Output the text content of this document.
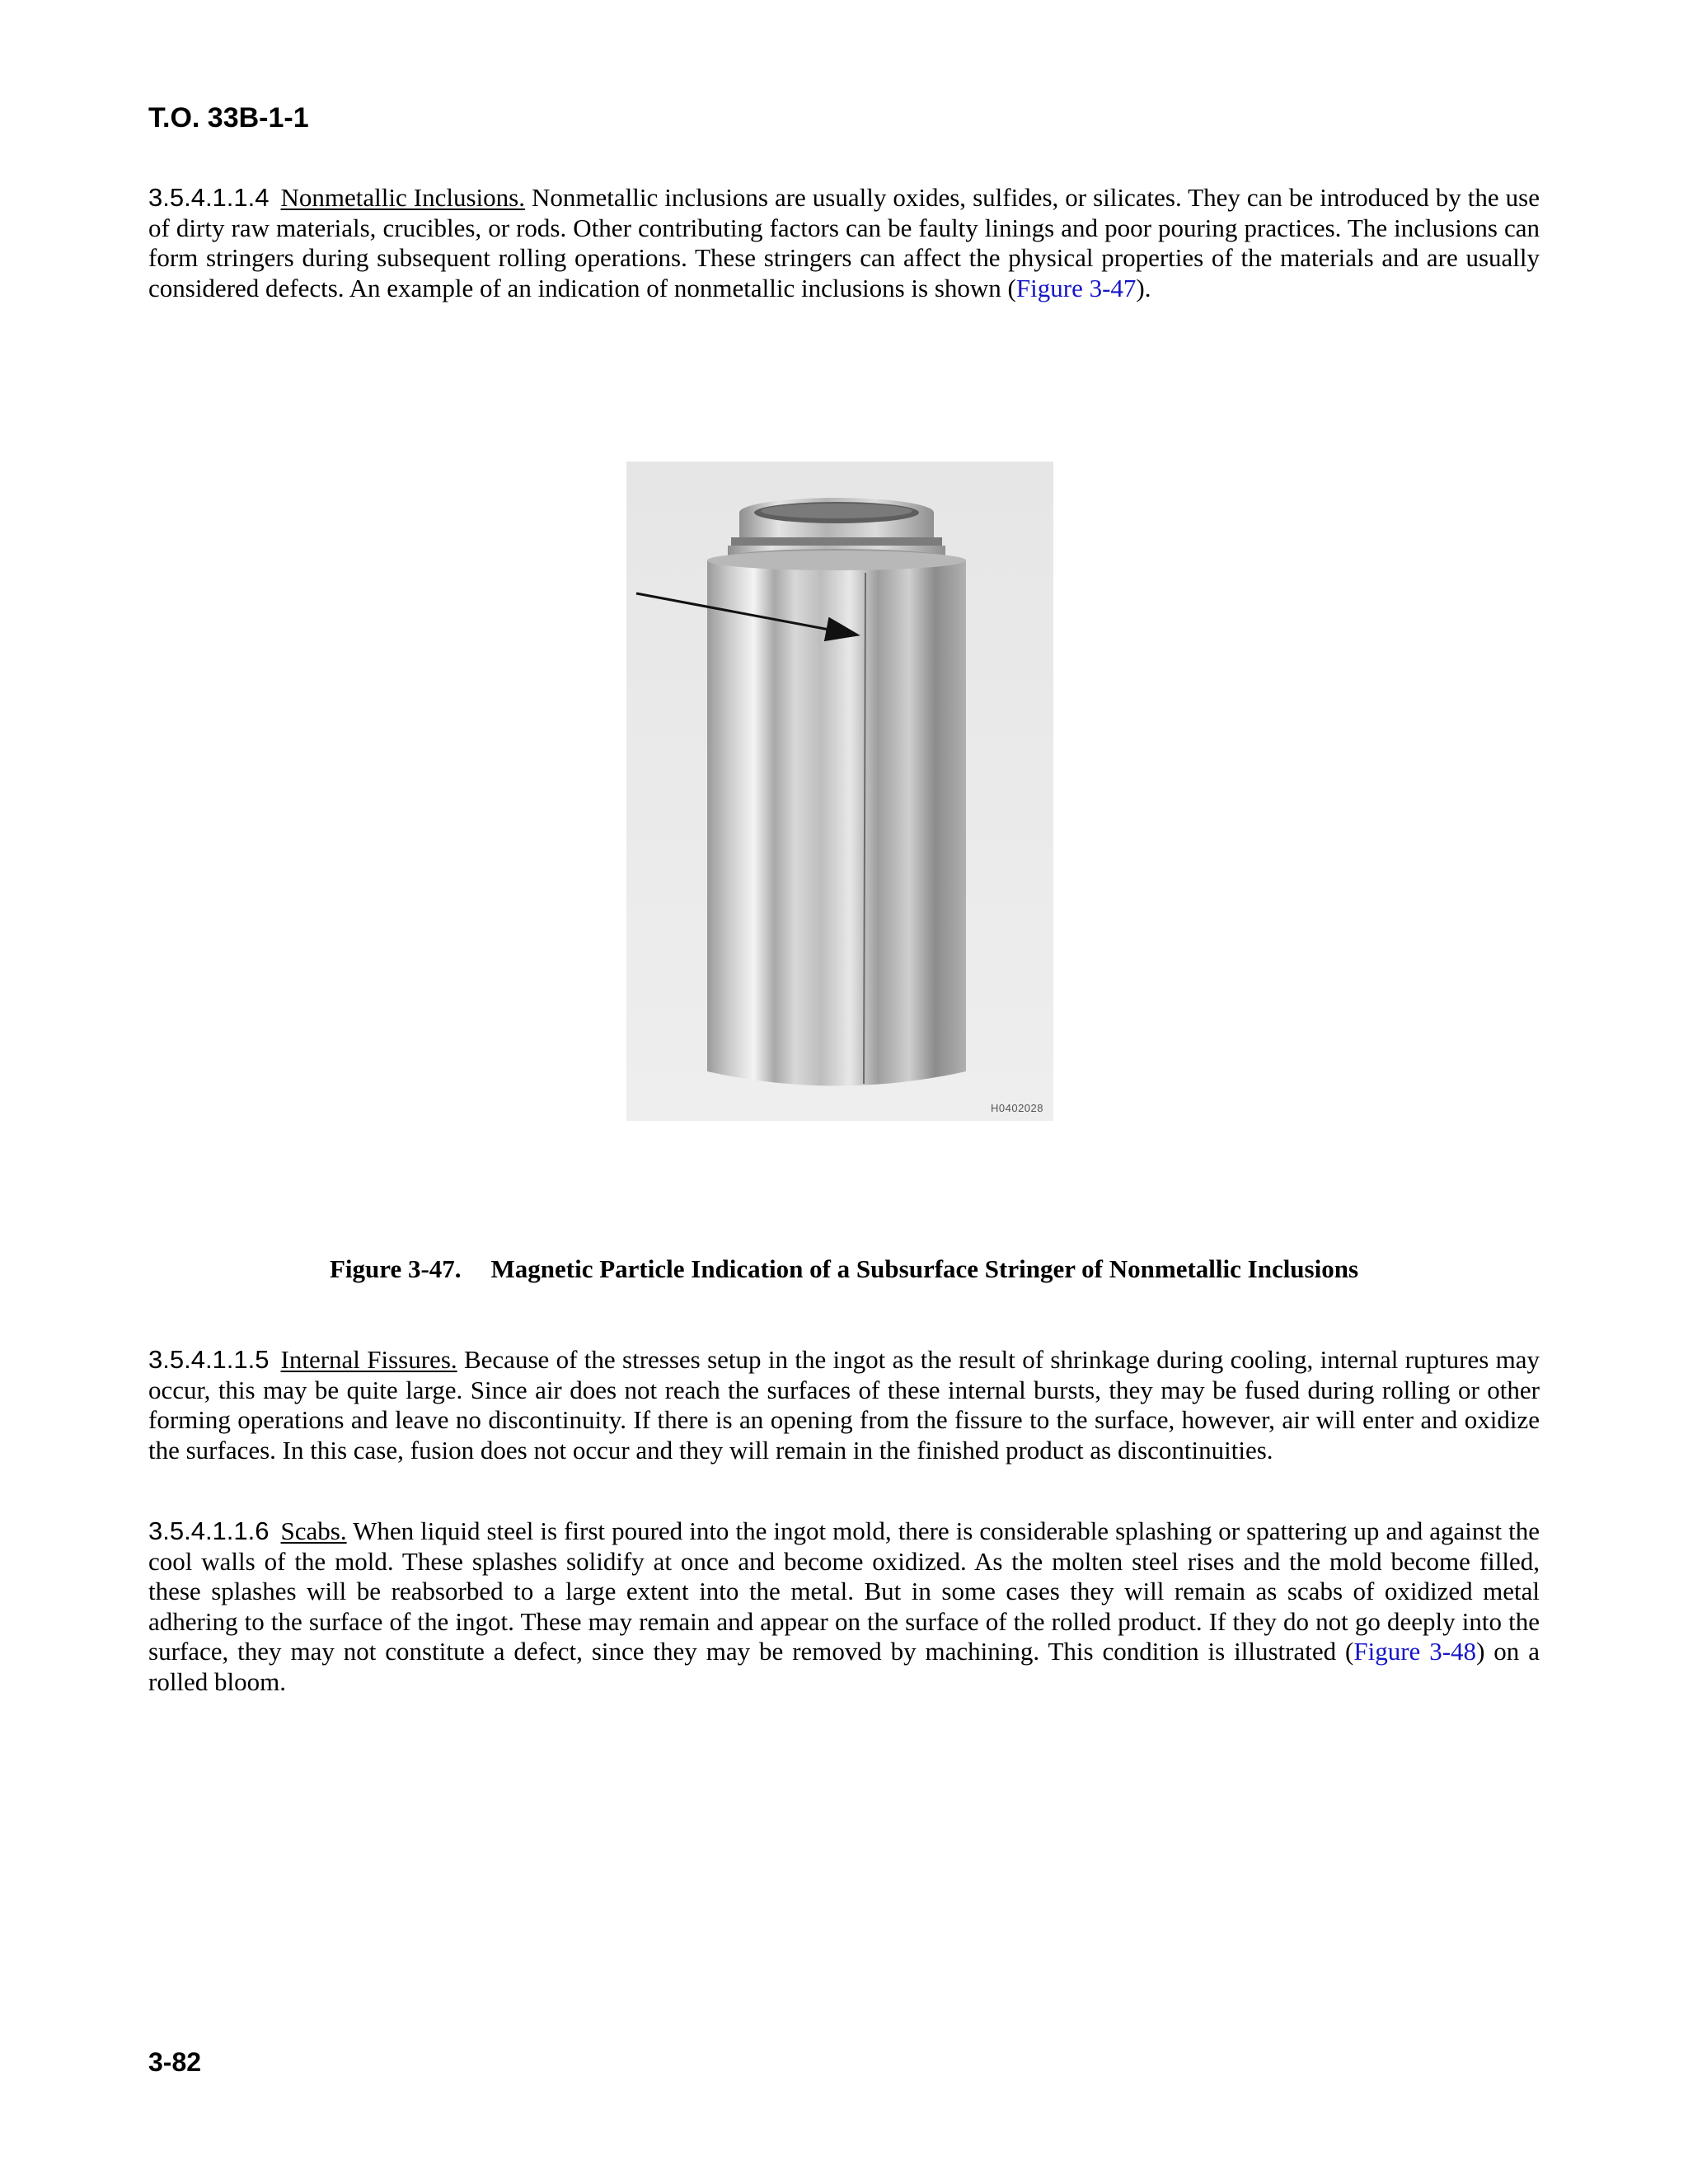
T.O. 33B-1-1

3.5.4.1.1.4 Nonmetallic Inclusions. Nonmetallic inclusions are usually oxides, sulfides, or silicates. They can be introduced by the use of dirty raw materials, crucibles, or rods. Other contributing factors can be faulty linings and poor pouring practices. The inclusions can form stringers during subsequent rolling operations. These stringers can affect the physical properties of the materials and are usually considered defects. An example of an indication of nonmetallic inclusions is shown (Figure 3-47).

H0402028
Figure 3-47. Magnetic Particle Indication of a Subsurface Stringer of Nonmetallic Inclusions

3.5.4.1.1.5 Internal Fissures. Because of the stresses setup in the ingot as the result of shrinkage during cooling, internal ruptures may occur, this may be quite large. Since air does not reach the surfaces of these internal bursts, they may be fused during rolling or other forming operations and leave no discontinuity. If there is an opening from the fissure to the surface, however, air will enter and oxidize the surfaces. In this case, fusion does not occur and they will remain in the finished product as discontinuities.

3.5.4.1.1.6 Scabs. When liquid steel is first poured into the ingot mold, there is considerable splashing or spattering up and against the cool walls of the mold. These splashes solidify at once and become oxidized. As the molten steel rises and the mold become filled, these splashes will be reabsorbed to a large extent into the metal. But in some cases they will remain as scabs of oxidized metal adhering to the surface of the ingot. These may remain and appear on the surface of the rolled product. If they do not go deeply into the surface, they may not constitute a defect, since they may be removed by machining. This condition is illustrated (Figure 3-48) on a rolled bloom.

3-82
